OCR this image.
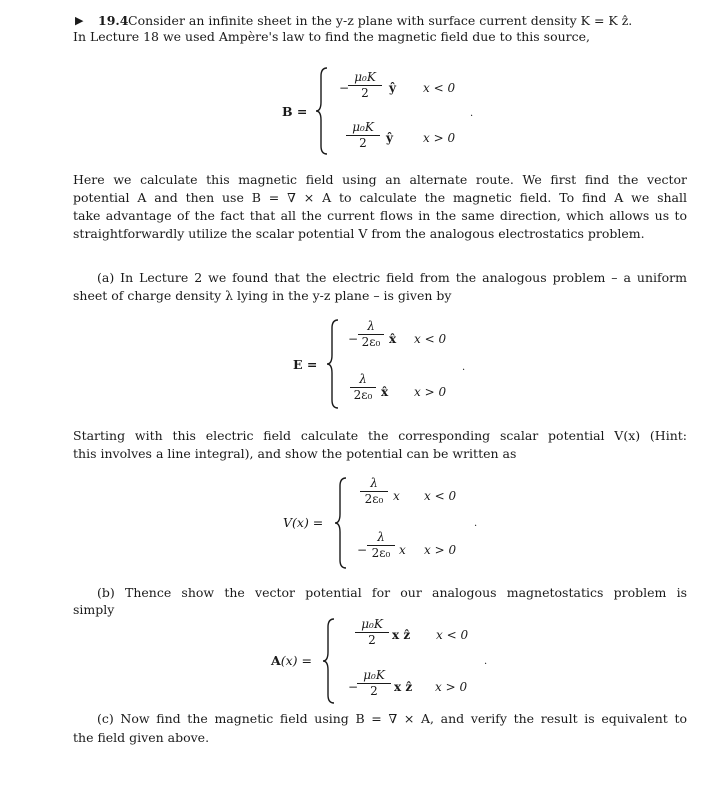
▶ 19.4 Consider an infinite sheet in the y-z plane with surface current density K = K ẑ.
In Lecture 18 we used Ampère's law to find the magnetic field due to this source,
B =
−
μ₀K
2 ŷ x < 0
μ₀K
2 ŷ	x > 0
.
Here we calculate this magnetic field using an alternate route. We first find the vector
potential A and then use B = ∇ × A to calculate the magnetic field. To find A we shall
take advantage of the fact that all the current flows in the same direction, which allows us to
straightforwardly utilize the scalar potential V from the analogous electrostatics problem.
(a) In Lecture 2 we found that the electric field from the analogous problem – a uniform
sheet of charge density λ lying in the y-z plane – is given by
E =
−
λ
2ε₀ x̂ x < 0
λ
2ε₀ x̂ x > 0
.
Starting with this electric field calculate the corresponding scalar potential V(x) (Hint:
this involves a line integral), and show the potential can be written as
V(x) =
λ
2ε₀ x x < 0
−
λ
2ε₀ x x > 0
.
(b) Thence show the vector potential for our analogous magnetostatics problem is
simply
A(x) =
μ₀K
2 x ẑ x < 0
−
μ₀K
2 x ẑ x > 0
.
(c) Now find the magnetic field using B = ∇ × A, and verify the result is equivalent to
the field given above.
